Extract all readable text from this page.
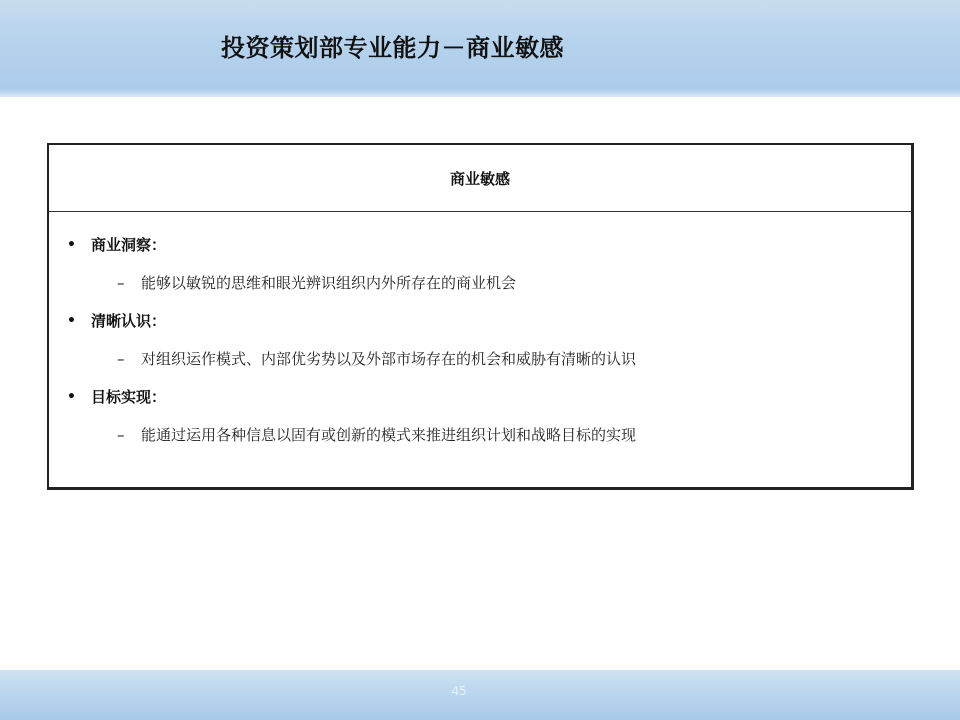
投资策划部专业能力－商业敏感
商业敏感
•	商业洞察：
–	能够以敏锐的思维和眼光辨识组织内外所存在的商业机会
•	清晰认识：
–	对组织运作模式、内部优劣势以及外部市场存在的机会和威胁有清晰的认识
•	目标实现：
–	能通过运用各种信息以固有或创新的模式来推进组织计划和战略目标的实现
45
